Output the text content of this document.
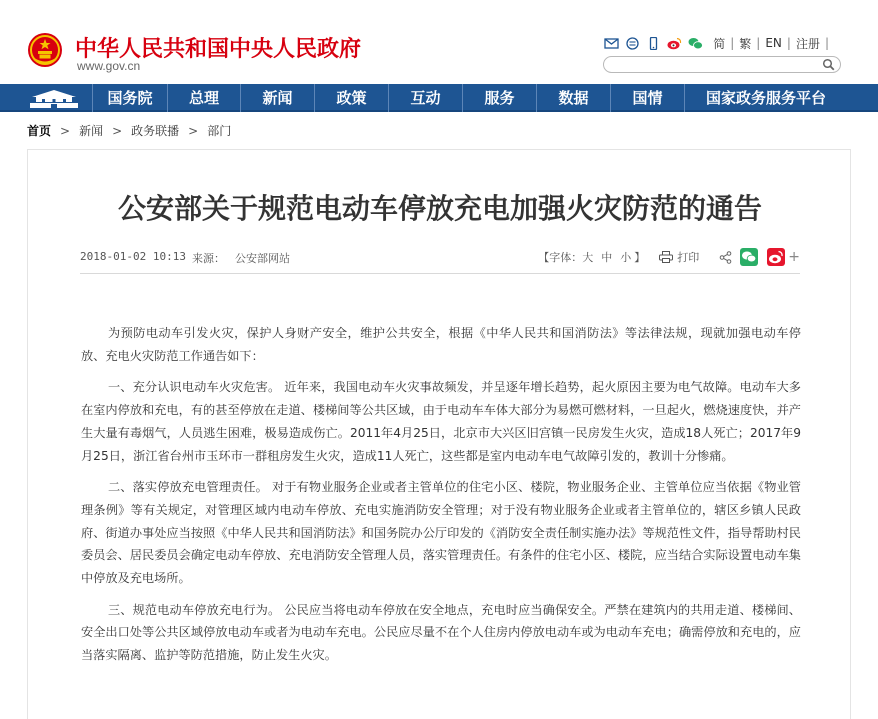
中华人民共和国中央人民政府
www.gov.cn
简 | 繁 | EN | 注册 |
国务院	总理	新闻	政策	互动	服务	数据	国情	国家政务服务平台
首页 > 新闻 > 政务联播 > 部门
公安部关于规范电动车停放充电加强火灾防范的通告
2018-01-02 10:13 来源： 公安部网站	【字体： 大 中 小 】	打印	+

为预防电动车引发火灾，保护人身财产安全，维护公共安全，根据《中华人民共和国消防法》等法律法规，现就加强电动车停放、充电火灾防范工作通告如下：

一、充分认识电动车火灾危害。 近年来，我国电动车火灾事故频发，并呈逐年增长趋势，起火原因主要为电气故障。电动车大多在室内停放和充电，有的甚至停放在走道、楼梯间等公共区域，由于电动车车体大部分为易燃可燃材料，一旦起火，燃烧速度快，并产生大量有毒烟气，人员逃生困难，极易造成伤亡。2011年4月25日，北京市大兴区旧宫镇一民房发生火灾，造成18人死亡；2017年9月25日，浙江省台州市玉环市一群租房发生火灾，造成11人死亡，这些都是室内电动车电气故障引发的，教训十分惨痛。

二、落实停放充电管理责任。 对于有物业服务企业或者主管单位的住宅小区、楼院，物业服务企业、主管单位应当依据《物业管理条例》等有关规定，对管理区域内电动车停放、充电实施消防安全管理；对于没有物业服务企业或者主管单位的，辖区乡镇人民政府、街道办事处应当按照《中华人民共和国消防法》和国务院办公厅印发的《消防安全责任制实施办法》等规范性文件，指导帮助村民委员会、居民委员会确定电动车停放、充电消防安全管理人员，落实管理责任。有条件的住宅小区、楼院，应当结合实际设置电动车集中停放及充电场所。

三、规范电动车停放充电行为。 公民应当将电动车停放在安全地点，充电时应当确保安全。严禁在建筑内的共用走道、楼梯间、安全出口处等公共区域停放电动车或者为电动车充电。公民应尽量不在个人住房内停放电动车或为电动车充电；确需停放和充电的，应当落实隔离、监护等防范措施，防止发生火灾。
